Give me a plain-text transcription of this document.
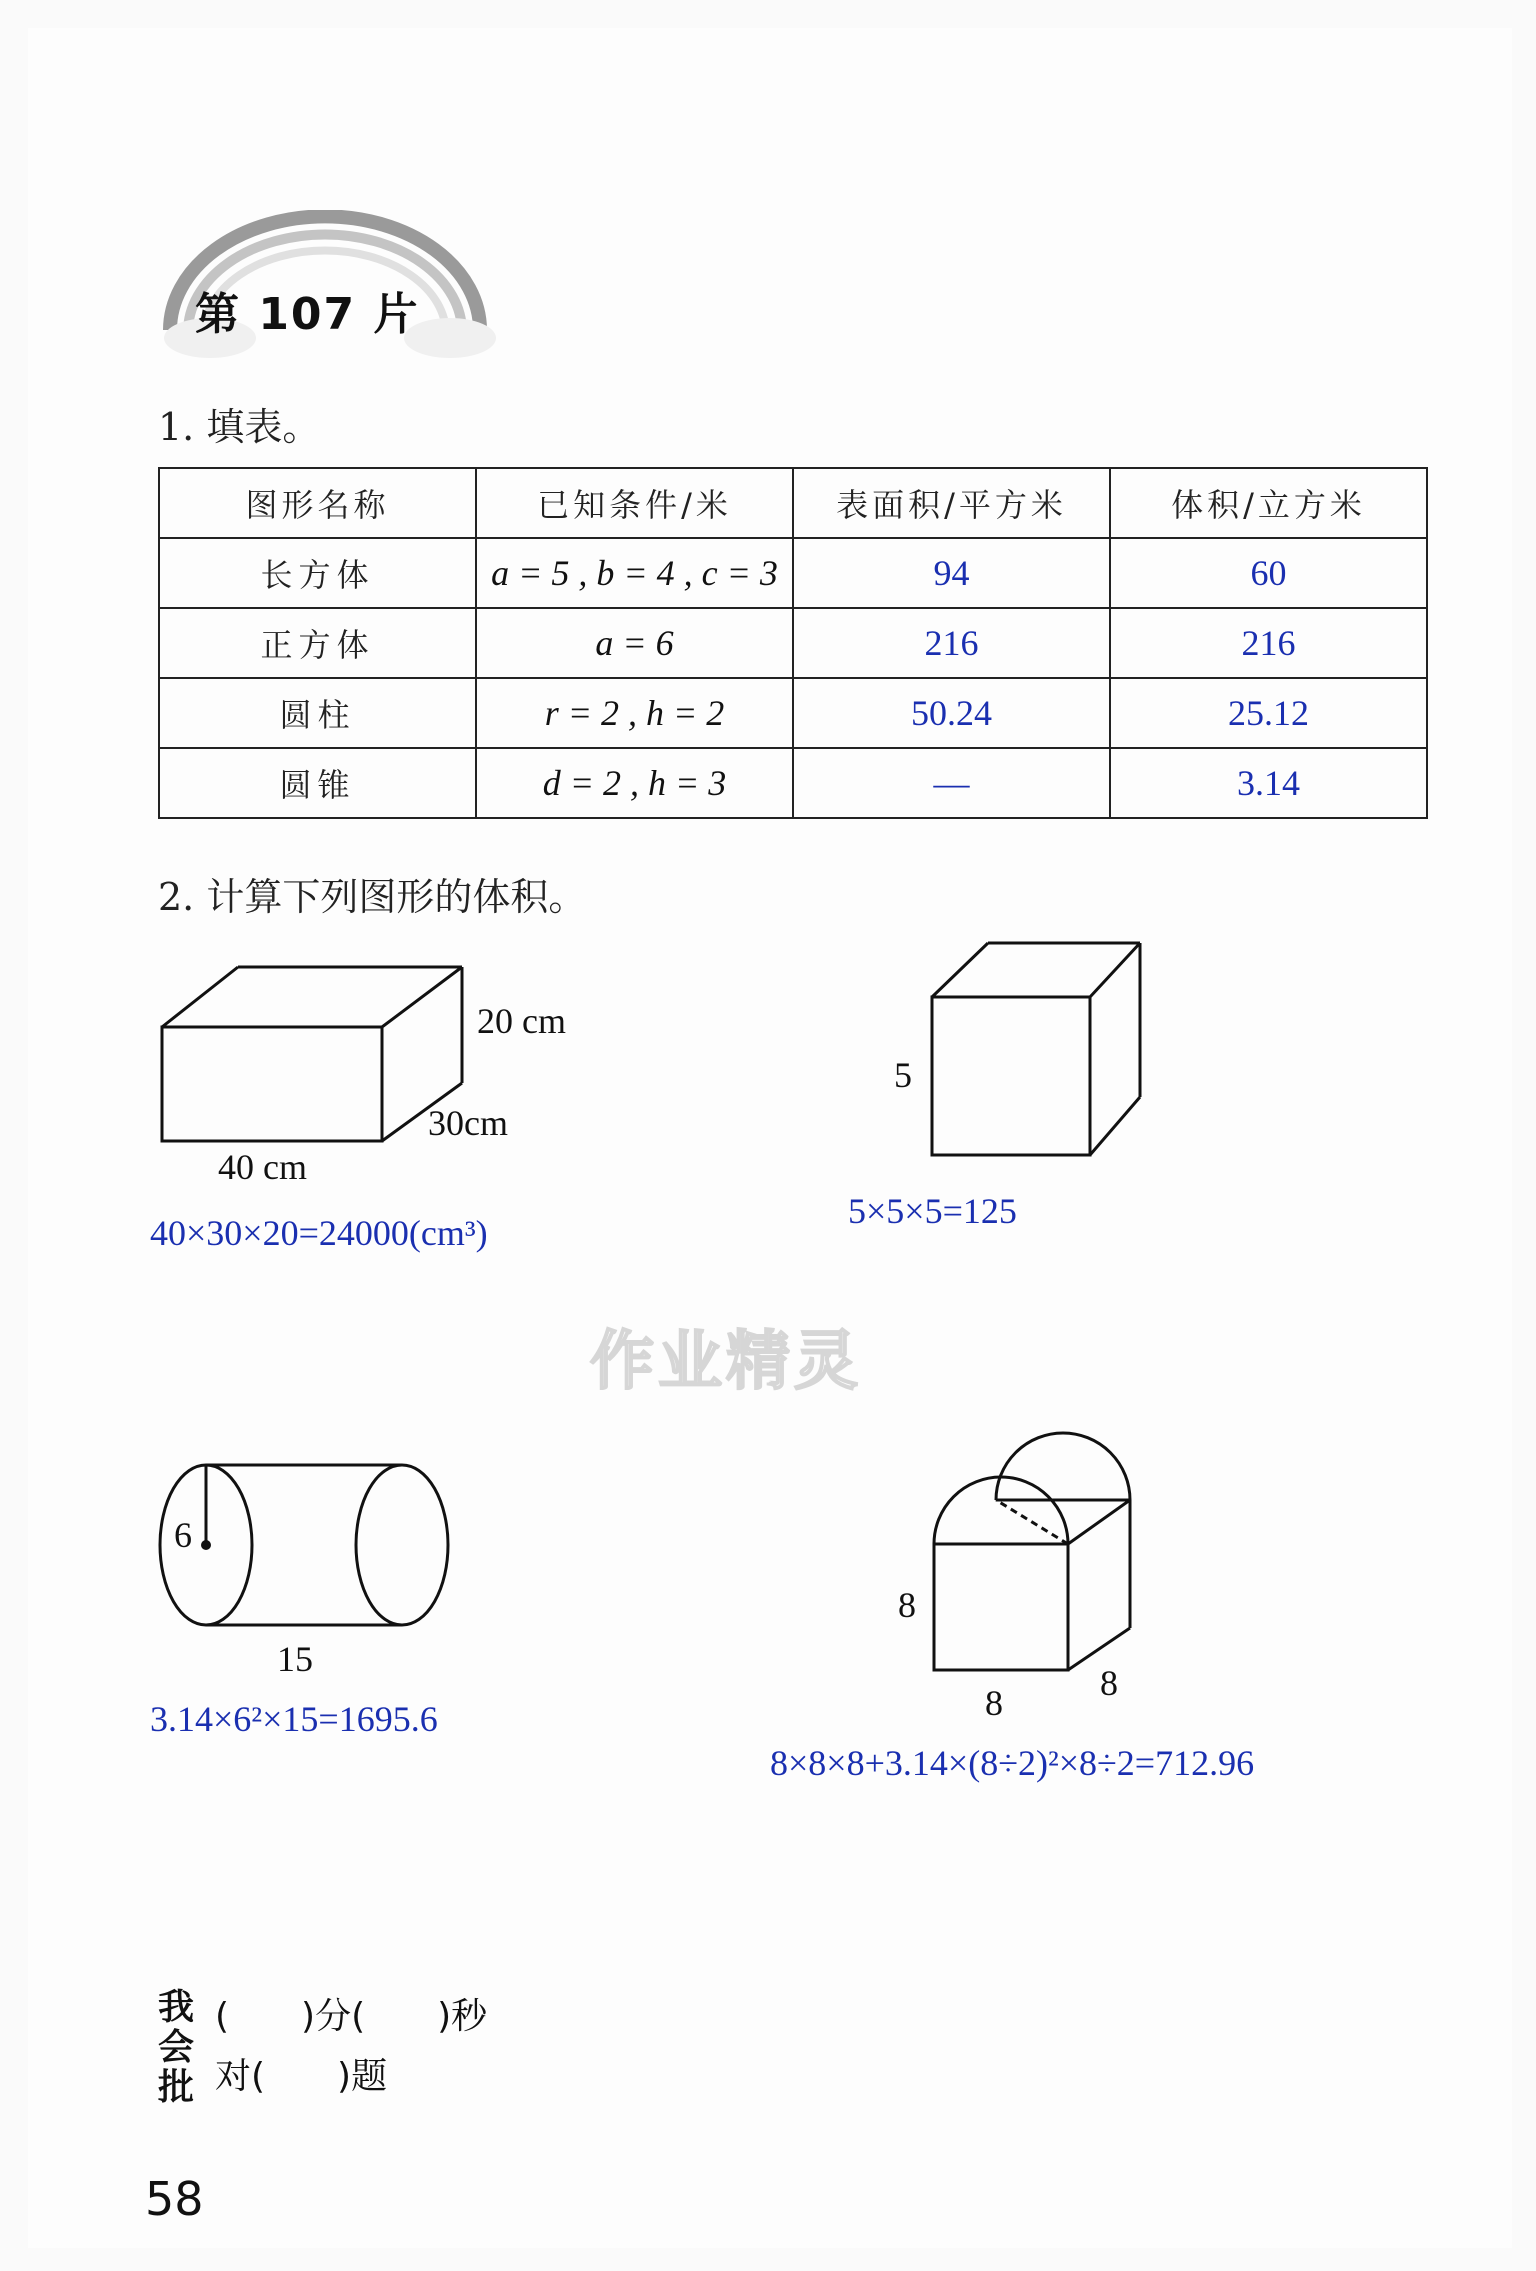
第 107 片
1. 填表。
图形名称	已知条件/米	表面积/平方米	体积/立方米
长方体	a = 5 , b = 4 , c = 3	94	60
正方体	a = 6	216	216
圆柱	r = 2 , h = 2	50.24	25.12
圆锥	d = 2 , h = 3	—	3.14
2. 计算下列图形的体积。
20 cm
30cm
40 cm
40×30×20=24000(cm³)
5
5×5×5=125
作业精灵
6
15
3.14×6²×15=1695.6
8
8	8
8×8×8+3.14×(8÷2)²×8÷2=712.96
我
会
批
(　　)分(　　)秒
对(　　)题
58
